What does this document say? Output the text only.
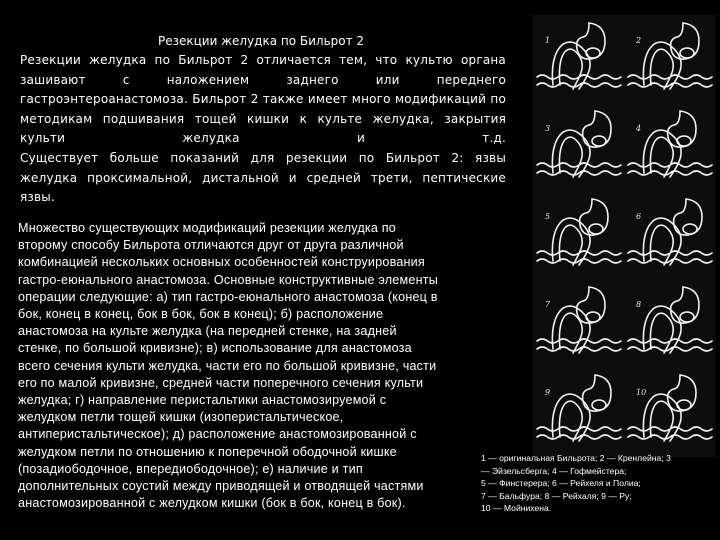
Резекции желудка по Бильрот 2

Резекции желудка по Бильрот 2 отличается тем, что культю органа зашивают с наложением заднего или переднего гастроэнтероанастомоза. Бильрот 2 также имеет много модификаций по методикам подшивания тощей кишки к культе желудка, закрытия культи желудка и т.д.

Существует больше показаний для резекции по Бильрот 2: язвы желудка проксимальной, дистальной и средней трети, пептические язвы.

Множество существующих модификаций резекции желудка по
второму способу Бильрота отличаются друг от друга различной
комбинацией нескольких основных особенностей конструирования
гастро-еюнального анастомоза. Основные конструктивные элементы
операции следующие: а) тип гастро-еюнального анастомоза (конец в
бок, конец в конец, бок в бок, бок в конец); б) расположение
анастомоза на культе желудка (на передней стенке, на задней
стенке, по большой кривизне); в) использование для анастомоза
всего сечения культи желудка, части его по большой кривизне, части
его по малой кривизне, средней части поперечного сечения культи
желудка; г) направление перистальтики анастомозируемой с
желудком петли тощей кишки (изоперистальтическое,
антиперистальтическое); д) расположение анастомозированной с
желудком петли по отношению к поперечной ободочной кишке
(позадиободочное, впередиободочное); е) наличие и тип
дополнительных соустий между приводящей и отводящей частями
анастомозированной с желудком кишки (бок в бок, конец в бок).
1	2
3	4
5	6
7	8
9	10
1 — оригинальная Бильрота; 2 — Кренлейна; 3
— Эйзельсберга; 4 — Гофмейстера;
5 — Финстерера; 6 — Рейхеля и Полиа;
7 — Бальфура; 8 — Рейхаля; 9 — Ру;
10 — Мойнихена.
